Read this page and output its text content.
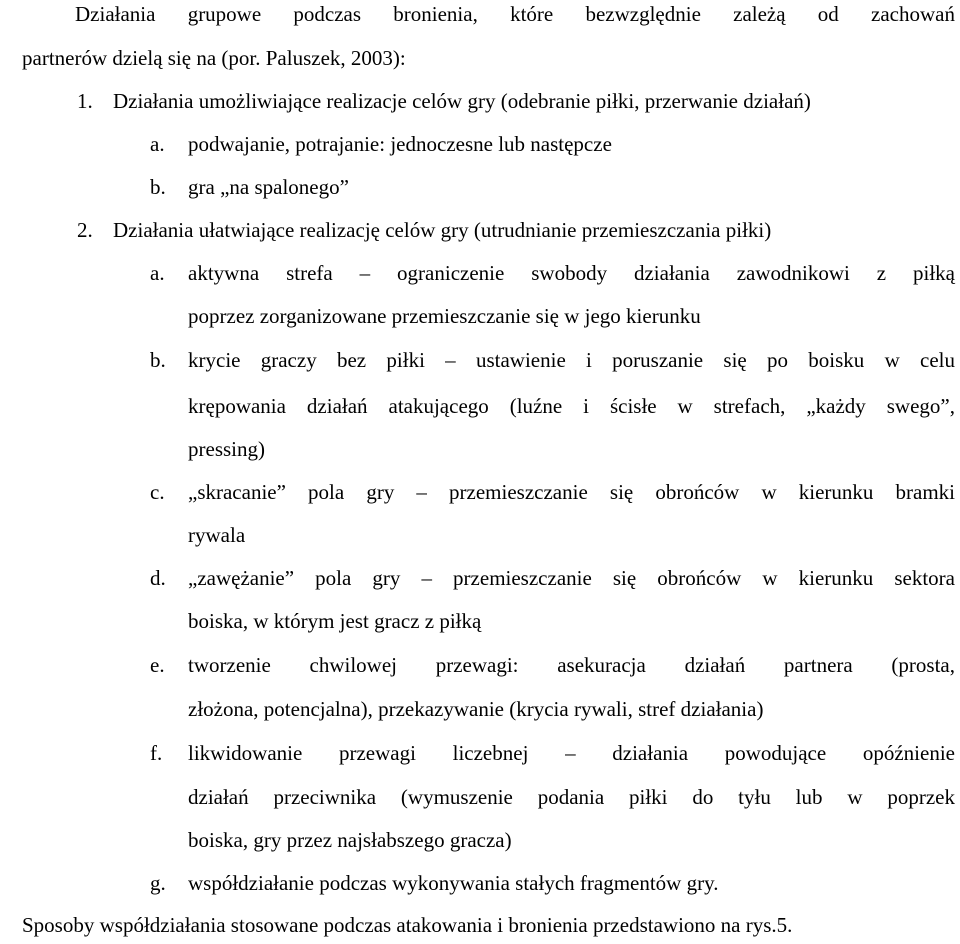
Działania grupowe podczas bronienia, które bezwzględnie zależą od zachowań
partnerów dzielą się na (por. Paluszek, 2003):
1. Działania umożliwiające realizacje celów gry (odebranie piłki, przerwanie działań)
a. podwajanie, potrajanie: jednoczesne lub następcze
b. gra „na spalonego”
2. Działania ułatwiające realizację celów gry (utrudnianie przemieszczania piłki)
a. aktywna strefa – ograniczenie swobody działania zawodnikowi z piłką
poprzez zorganizowane przemieszczanie się w jego kierunku
b. krycie graczy bez piłki – ustawienie i poruszanie się po boisku w celu
krępowania działań atakującego (luźne i ścisłe w strefach, „każdy swego”,
pressing)
c. „skracanie” pola gry – przemieszczanie się obrońców w kierunku bramki
rywala
d. „zawężanie” pola gry – przemieszczanie się obrońców w kierunku sektora
boiska, w którym jest gracz z piłką
e. tworzenie chwilowej przewagi: asekuracja działań partnera (prosta,
złożona, potencjalna), przekazywanie (krycia rywali, stref działania)
f. likwidowanie przewagi liczebnej – działania powodujące opóźnienie
działań przeciwnika (wymuszenie podania piłki do tyłu lub w poprzek
boiska, gry przez najsłabszego gracza)
g. współdziałanie podczas wykonywania stałych fragmentów gry.
Sposoby współdziałania stosowane podczas atakowania i bronienia przedstawiono na rys.5.
